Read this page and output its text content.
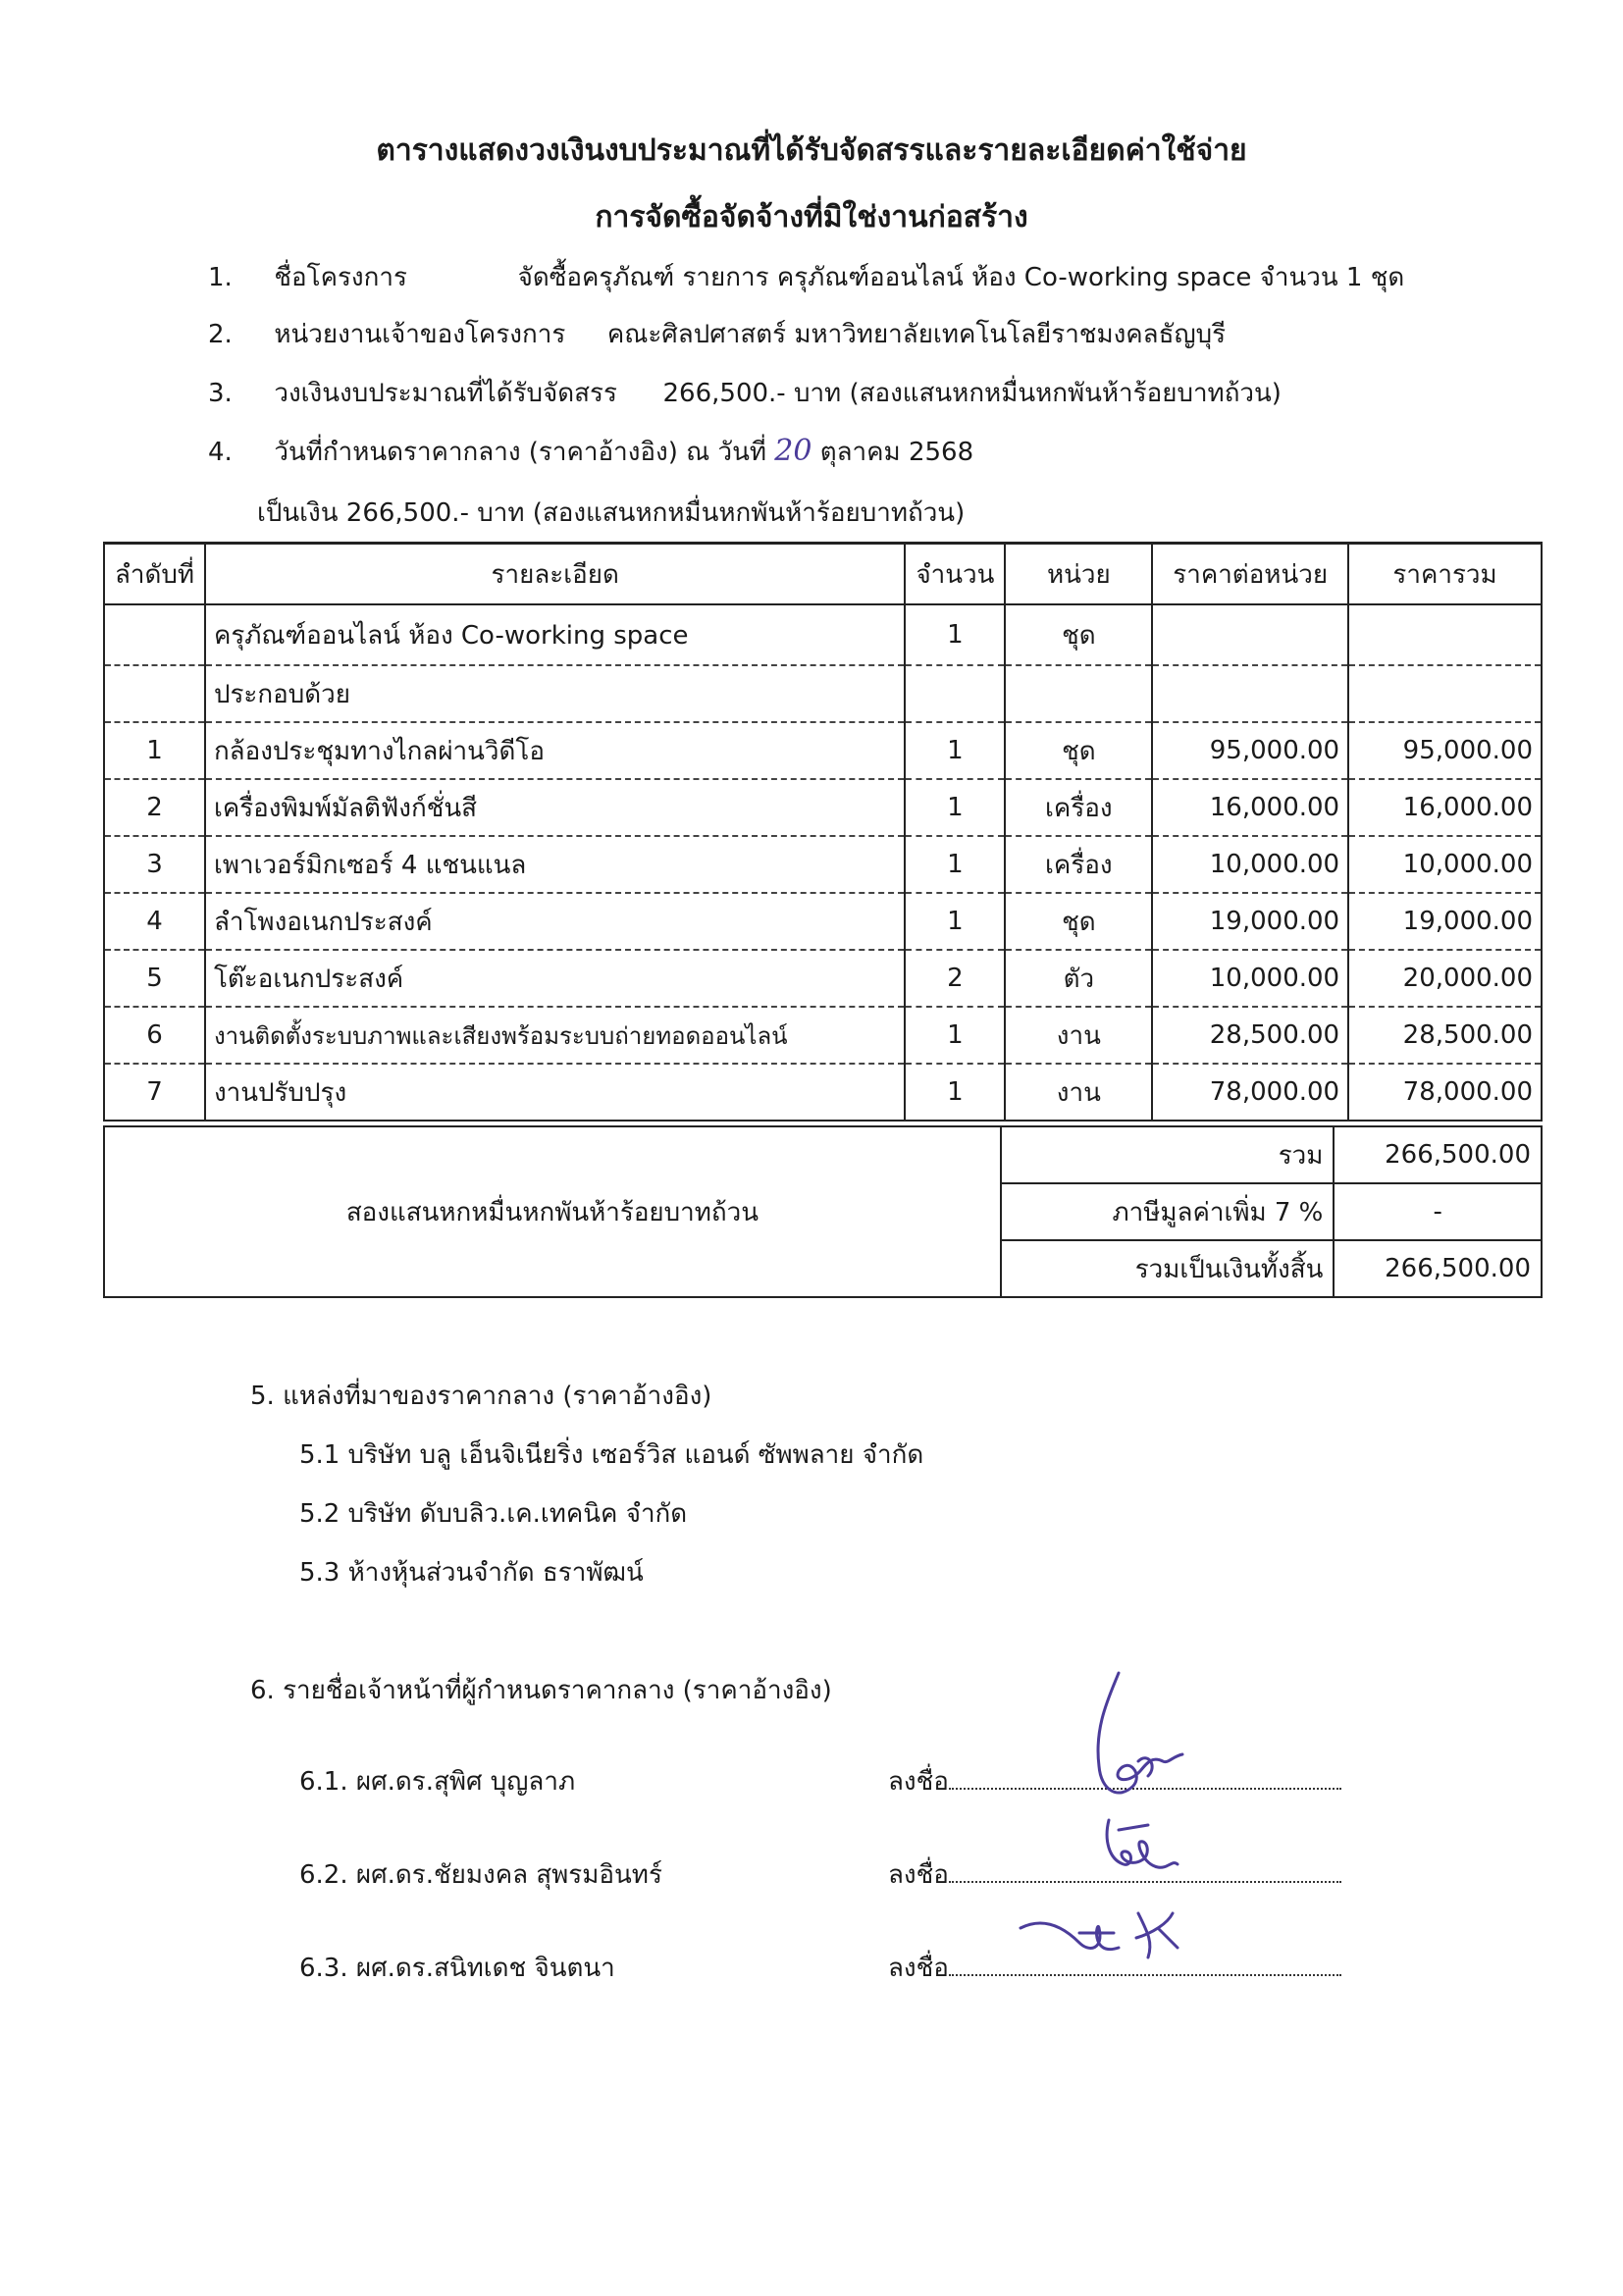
ตารางแสดงวงเงินงบประมาณที่ได้รับจัดสรรและรายละเอียดค่าใช้จ่าย
การจัดซื้อจัดจ้างที่มิใช่งานก่อสร้าง
1. ชื่อโครงการ	จัดซื้อครุภัณฑ์ รายการ ครุภัณฑ์ออนไลน์ ห้อง Co-working space จำนวน 1 ชุด
2. หน่วยงานเจ้าของโครงการ คณะศิลปศาสตร์ มหาวิทยาลัยเทคโนโลยีราชมงคลธัญบุรี
3. วงเงินงบประมาณที่ได้รับจัดสรร 266,500.- บาท (สองแสนหกหมื่นหกพันห้าร้อยบาทถ้วน)
4. วันที่กำหนดราคากลาง (ราคาอ้างอิง) ณ วันที่ 20 ตุลาคม 2568
เป็นเงิน 266,500.- บาท (สองแสนหกหมื่นหกพันห้าร้อยบาทถ้วน)
ลำดับที่	รายละเอียด	จำนวน	หน่วย	ราคาต่อหน่วย	ราคารวม
	ครุภัณฑ์ออนไลน์ ห้อง Co-working space	1	ชุด		
	ประกอบด้วย				
1	กล้องประชุมทางไกลผ่านวิดีโอ	1	ชุด	95,000.00	95,000.00
2	เครื่องพิมพ์มัลติฟังก์ชั่นสี	1	เครื่อง	16,000.00	16,000.00
3	เพาเวอร์มิกเซอร์ 4 แชนแนล	1	เครื่อง	10,000.00	10,000.00
4	ลำโพงอเนกประสงค์	1	ชุด	19,000.00	19,000.00
5	โต๊ะอเนกประสงค์	2	ตัว	10,000.00	20,000.00
6	งานติดตั้งระบบภาพและเสียงพร้อมระบบถ่ายทอดออนไลน์	1	งาน	28,500.00	28,500.00
7	งานปรับปรุง	1	งาน	78,000.00	78,000.00
สองแสนหกหมื่นหกพันห้าร้อยบาทถ้วน	รวม	266,500.00
	ภาษีมูลค่าเพิ่ม 7 %	-
	รวมเป็นเงินทั้งสิ้น	266,500.00
5. แหล่งที่มาของราคากลาง (ราคาอ้างอิง)
5.1 บริษัท บลู เอ็นจิเนียริ่ง เซอร์วิส แอนด์ ซัพพลาย จำกัด
5.2 บริษัท ดับบลิว.เค.เทคนิค จำกัด
5.3 ห้างหุ้นส่วนจำกัด ธราพัฒน์
6. รายชื่อเจ้าหน้าที่ผู้กำหนดราคากลาง (ราคาอ้างอิง)
6.1. ผศ.ดร.สุพิศ บุญลาภ	ลงชื่อ
6.2. ผศ.ดร.ชัยมงคล สุพรมอินทร์	ลงชื่อ
6.3. ผศ.ดร.สนิทเดช จินตนา	ลงชื่อ
